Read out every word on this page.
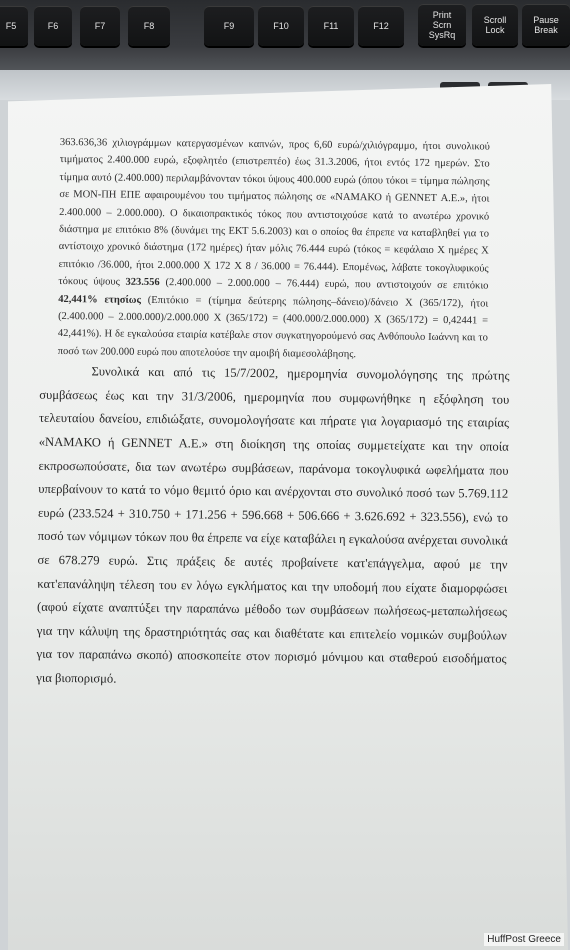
F5	F6	F7	F8	F9	F10	F11	F12
Print
Scrn
SysRq
Scroll
Lock
Pause
Break

363.636,36 χιλιογράμμων κατεργασμένων καπνών, προς 6,60 ευρώ/χιλιόγραμμο, ήτοι συνολικού τιμήματος 2.400.000 ευρώ, εξοφλητέο (επιστρεπτέο) έως 31.3.2006, ήτοι εντός 172 ημερών. Στο τίμημα αυτό (2.400.000) περιλαμβάνονταν τόκοι ύψους 400.000 ευρώ (όπου τόκοι = τίμημα πώλησης σε ΜΟΝ-ΠΗ ΕΠΕ αφαιρουμένου του τιμήματος πώλησης σε «ΝΑΜΑΚΟ ή GENNET Α.Ε.», ήτοι 2.400.000 – 2.000.000). Ο δικαιοπρακτικός τόκος που αντιστοιχούσε κατά το ανωτέρω χρονικό διάστημα με επιτόκιο 8% (δυνάμει της ΕΚΤ 5.6.2003) και ο οποίος θα έπρεπε να καταβληθεί για το αντίστοιχο χρονικό διάστημα (172 ημέρες) ήταν μόλις 76.444 ευρώ (τόκος = κεφάλαιο Χ ημέρες Χ επιτόκιο /36.000, ήτοι 2.000.000 Χ 172 Χ 8 / 36.000 = 76.444). Επομένως, λάβατε τοκογλυφικούς τόκους ύψους 323.556 (2.400.000 – 2.000.000 – 76.444) ευρώ, που αντιστοιχούν σε επιτόκιο 42,441% ετησίως (Επιτόκιο = (τίμημα δεύτερης πώλησης–δάνειο)/δάνειο Χ (365/172), ήτοι (2.400.000 – 2.000.000)/2.000.000 Χ (365/172) = (400.000/2.000.000) Χ (365/172) = 0,42441 = 42,441%). Η δε εγκαλούσα εταιρία κατέβαλε στον συγκατηγορούμενό σας Ανθόπουλο Ιωάννη και το ποσό των 200.000 ευρώ που αποτελούσε την αμοιβή διαμεσολάβησης.

Συνολικά και από τις 15/7/2002, ημερομηνία συνομολόγησης της πρώτης συμβάσεως έως και την 31/3/2006, ημερομηνία που συμφωνήθηκε η εξόφληση του τελευταίου δανείου, επιδιώξατε, συνομολογήσατε και πήρατε για λογαριασμό της εταιρίας «ΝΑΜΑΚΟ ή GENNET Α.Ε.» στη διοίκηση της οποίας συμμετείχατε και την οποία εκπροσωπούσατε, δια των ανωτέρω συμβάσεων, παράνομα τοκογλυφικά ωφελήματα που υπερβαίνουν το κατά το νόμο θεμιτό όριο και ανέρχονται στο συνολικό ποσό των 5.769.112 ευρώ (233.524 + 310.750 + 171.256 + 596.668 + 506.666 + 3.626.692 + 323.556), ενώ το ποσό των νόμιμων τόκων που θα έπρεπε να είχε καταβάλει η εγκαλούσα ανέρχεται συνολικά σε 678.279 ευρώ. Στις πράξεις δε αυτές προβαίνετε κατ'επάγγελμα, αφού με την κατ'επανάληψη τέλεση του εν λόγω εγκλήματος και την υποδομή που είχατε διαμορφώσει (αφού είχατε αναπτύξει την παραπάνω μέθοδο των συμβάσεων πωλήσεως-μεταπωλήσεως για την κάλυψη της δραστηριότητάς σας και διαθέτατε και επιτελείο νομικών συμβούλων για τον παραπάνω σκοπό) αποσκοπείτε στον πορισμό μόνιμου και σταθερού εισοδήματος για βιοπορισμό.

HuffPost Greece
